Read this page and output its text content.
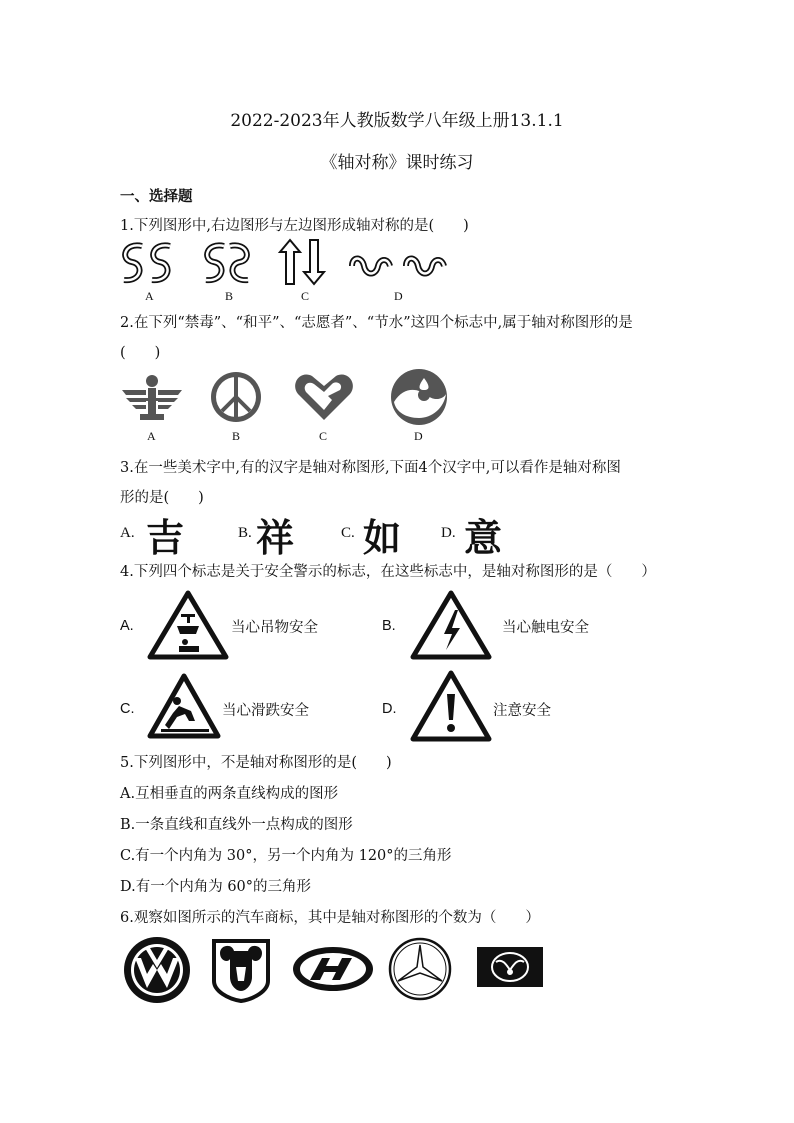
2022-2023年人教版数学八年级上册13.1.1
《轴对称》课时练习
一、选择题
1.下列图形中,右边图形与左边图形成轴对称的是(　　)
A	B	C	D
2.在下列“禁毒”、“和平”、“志愿者”、“节水”这四个标志中,属于轴对称图形的是
(　　)
A	B	C	D
3.在一些美术字中,有的汉字是轴对称图形,下面4个汉字中,可以看作是轴对称图
形的是(　　)
A. 吉	B. 祥	C. 如	D. 意
4.下列四个标志是关于安全警示的标志，在这些标志中，是轴对称图形的是（　　）
A.	当心吊物安全	B.	当心触电安全
C.	当心滑跌安全	D.	注意安全
5.下列图形中，不是轴对称图形的是(　　)
A.互相垂直的两条直线构成的图形
B.一条直线和直线外一点构成的图形
C.有一个内角为 30°，另一个内角为 120°的三角形
D.有一个内角为 60°的三角形
6.观察如图所示的汽车商标，其中是轴对称图形的个数为（　　）
